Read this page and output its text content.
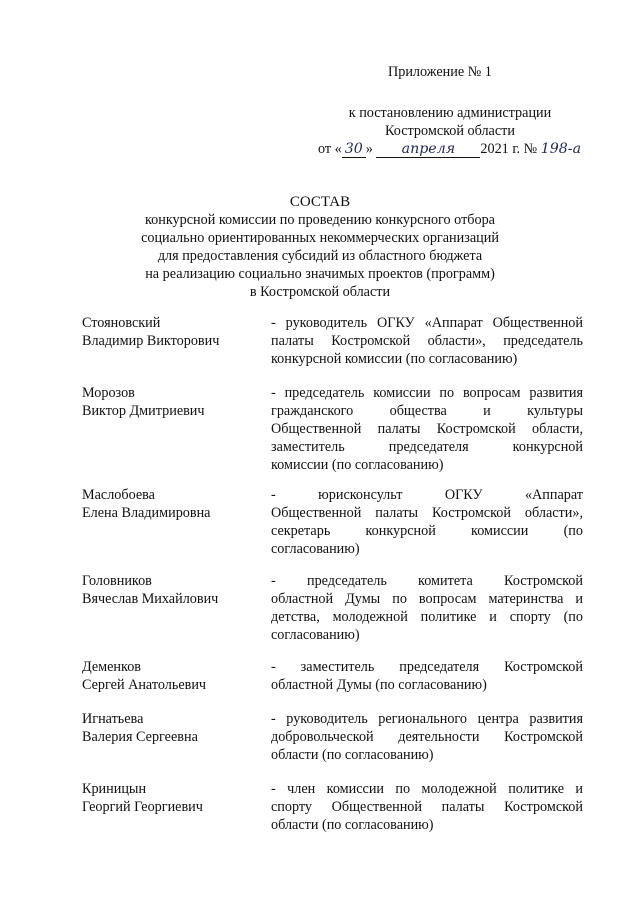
Приложение № 1
к постановлению администрации
Костромской области
от « 30 » апреля 2021 г. № 198-а
СОСТАВ
конкурсной комиссии по проведению конкурсного отбора
социально ориентированных некоммерческих организаций
для предоставления субсидий из областного бюджета
на реализацию социально значимых проектов (программ)
в Костромской области
Стояновский
Владимир Викторович
- руководитель ОГКУ «Аппарат Общественной
палаты Костромской области», председатель
конкурсной комиссии (по согласованию)
Морозов
Виктор Дмитриевич
- председатель комиссии по вопросам развития
гражданского общества и культуры
Общественной палаты Костромской области,
заместитель председателя конкурсной
комиссии (по согласованию)
Маслобоева
Елена Владимировна
- юрисконсульт ОГКУ «Аппарат
Общественной палаты Костромской области»,
секретарь конкурсной комиссии (по
согласованию)
Головников
Вячеслав Михайлович
- председатель комитета Костромской
областной Думы по вопросам материнства и
детства, молодежной политике и спорту (по
согласованию)
Деменков
Сергей Анатольевич
- заместитель председателя Костромской
областной Думы (по согласованию)
Игнатьева
Валерия Сергеевна
- руководитель регионального центра развития
добровольческой деятельности Костромской
области (по согласованию)
Криницын
Георгий Георгиевич
- член комиссии по молодежной политике и
спорту Общественной палаты Костромской
области (по согласованию)
